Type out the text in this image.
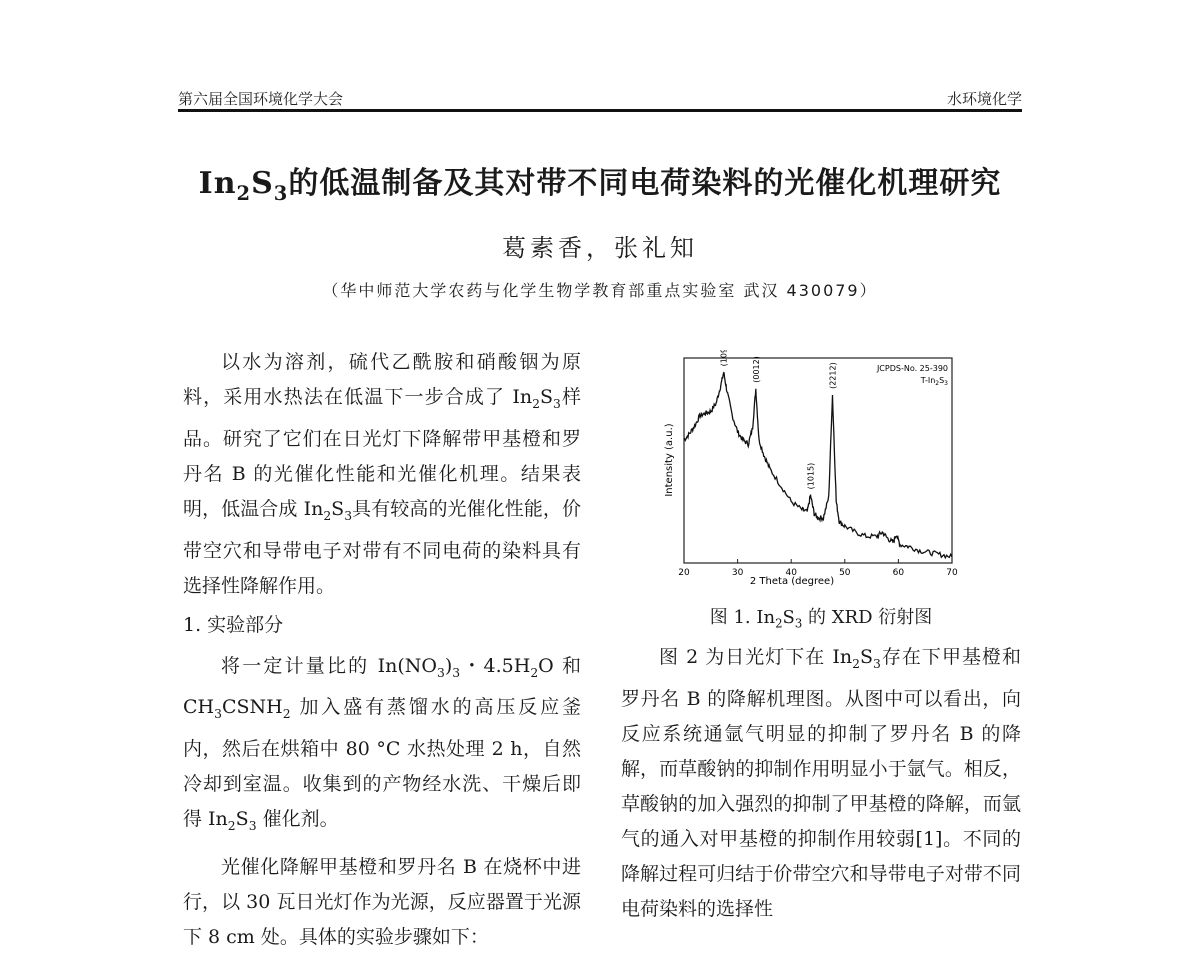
第六届全国环境化学大会	水环境化学
$In_2S_3$的低温制备及其对带不同电荷染料的光催化机理研究
葛素香，张礼知
（华中师范大学农药与化学生物学教育部重点实验室 武汉 430079）

以水为溶剂，硫代乙酰胺和硝酸铟为原料，采用水热法在低温下一步合成了 $In_2S_3$样品。研究了它们在日光灯下降解带甲基橙和罗丹名 B 的光催化性能和光催化机理。结果表明，低温合成 $In_2S_3$具有较高的光催化性能，价带空穴和导带电子对带有不同电荷的染料具有选择性降解作用。

1. 实验部分

将一定计量比的 $In(NO_3)_3$・$4.5H_2O$ 和 $CH_3CSNH_2$ 加入盛有蒸馏水的高压反应釜内，然后在烘箱中 80 °C 水热处理 2 h，自然冷却到室温。收集到的产物经水洗、干燥后即得 $In_2S_3$ 催化剂。

光催化降解甲基橙和罗丹名 B 在烧杯中进行，以 30 瓦日光灯作为光源，反应器置于光源下 8 cm 处。具体的实验步骤如下：

20	30	40	50	60	70
(109)
(0012)
(1015)
(2212)	JCPDS-No. 25-390
$T-In_2S_3$
2 Theta (degree)
Intensity (a.u.)
图 1. $In_2S_3$ 的 XRD 衍射图

图 2 为日光灯下在 $In_2S_3$存在下甲基橙和罗丹名 B 的降解机理图。从图中可以看出，向反应系统通氩气明显的抑制了罗丹名 B 的降解，而草酸钠的抑制作用明显小于氩气。相反，草酸钠的加入强烈的抑制了甲基橙的降解，而氩气的通入对甲基橙的抑制作用较弱[1]。不同的降解过程可归结于价带空穴和导带电子对带不同电荷染料的选择性
